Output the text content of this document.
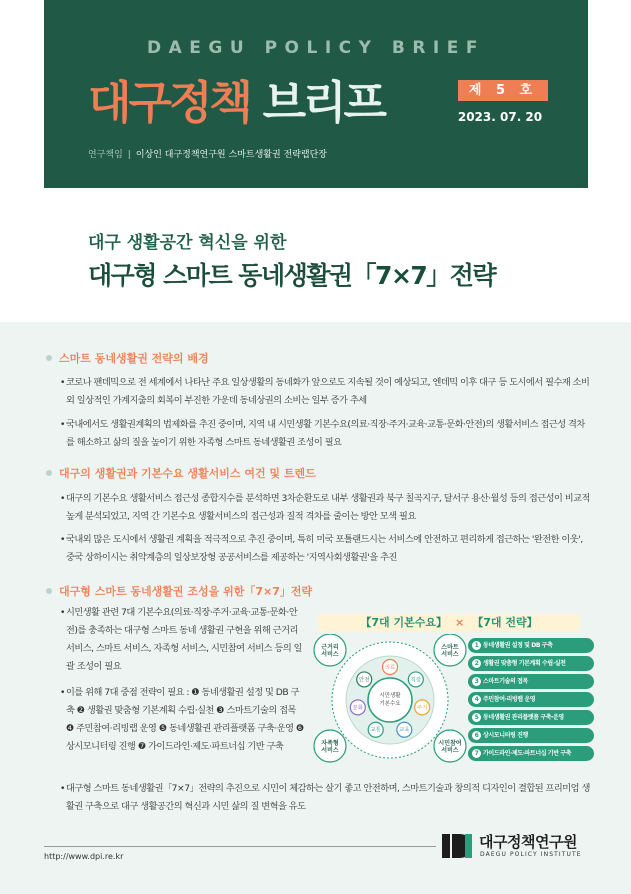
DAEGU POLICY BRIEF
대구정책 브리프	제 5 호
2023. 07. 20
연구책임 | 이상인 대구정책연구원 스마트생활권 전략랩단장
대구 생활공간 혁신을 위한
대구형 스마트 동네생활권「7×7」전략
스마트 동네생활권 전략의 배경
• 코로나 팬데믹으로 전 세계에서 나타난 주요 일상생활의 동네화가 앞으로도 지속될 것이 예상되고, 엔데믹 이후 대구 등 도시에서 필수재 소비 외 일상적인 가계지출의 회복이 부진한 가운데 동네상권의 소비는 일부 증가 추세
• 국내에서도 생활권계획의 법제화를 추진 중이며, 지역 내 시민생활 기본수요(의료·직장·주거·교육·교통·문화·안전)의 생활서비스 접근성 격차를 해소하고 삶의 질을 높이기 위한 자족형 스마트 동네생활권 조성이 필요
대구의 생활권과 기본수요 생활서비스 여건 및 트렌드
• 대구의 기본수요 생활서비스 접근성 종합지수를 분석하면 3차순환도로 내부 생활권과 북구 칠곡지구, 달서구 용산·월성 등의 접근성이 비교적 높게 분석되었고, 지역 간 기본수요 생활서비스의 접근성과 질적 격차를 줄이는 방안 모색 필요
• 국내외 많은 도시에서 생활권 계획을 적극적으로 추진 중이며, 특히 미국 포틀랜드시는 서비스에 안전하고 편리하게 접근하는 '완전한 이웃', 중국 상하이시는 취약계층의 일상보장형 공공서비스를 제공하는 '지역사회생활권'을 추진
대구형 스마트 동네생활권 조성을 위한「7×7」전략
• 시민생활 관련 7대 기본수요(의료·직장·주거·교육·교통·문화·안전)를 충족하는 대구형 스마트 동네 생활권 구현을 위해 근거리 서비스, 스마트 서비스, 자족형 서비스, 시민참여 서비스 등의 일괄 조성이 필요
• 이를 위해 7대 중점 전략이 필요 : ❶ 동네생활권 설정 및 DB 구축 ❷ 생활권 맞춤형 기본계획 수립·실천 ❸ 스마트기술의 접목 ❹ 주민참여·리빙랩 운영 ❺ 동네생활권 관리플랫폼 구축·운영 ❻ 상시모니터링 진행 ❼ 가이드라인·제도·파트너십 기반 구축
• 대구형 스마트 동네생활권「7×7」전략의 추진으로 시민이 체감하는 살기 좋고 안전하며, 스마트기술과 창의적 디자인이 결합된 프리미엄 생활권 구축으로 대구 생활공간의 혁신과 시민 삶의 질 변혁을 유도
【7대 기본수요】 × 【7대 전략】
시민생활
기본수요
의료
직장
주거
교육
교통
문화
안전
근거리
서비스
스마트
서비스
자족형
서비스
시민참여
서비스
1 동네생활권 설정 및 DB 구축
2 생활권 맞춤형 기본계획 수립·실천
3 스마트기술의 접목
4 주민참여·리빙랩 운영
5 동네생활권 관리플랫폼 구축·운영
6 상시모니터링 진행
7 가이드라인·제도·파트너십 기반 구축
http://www.dpi.re.kr
대구정책연구원
DAEGU POLICY INSTITUTE
